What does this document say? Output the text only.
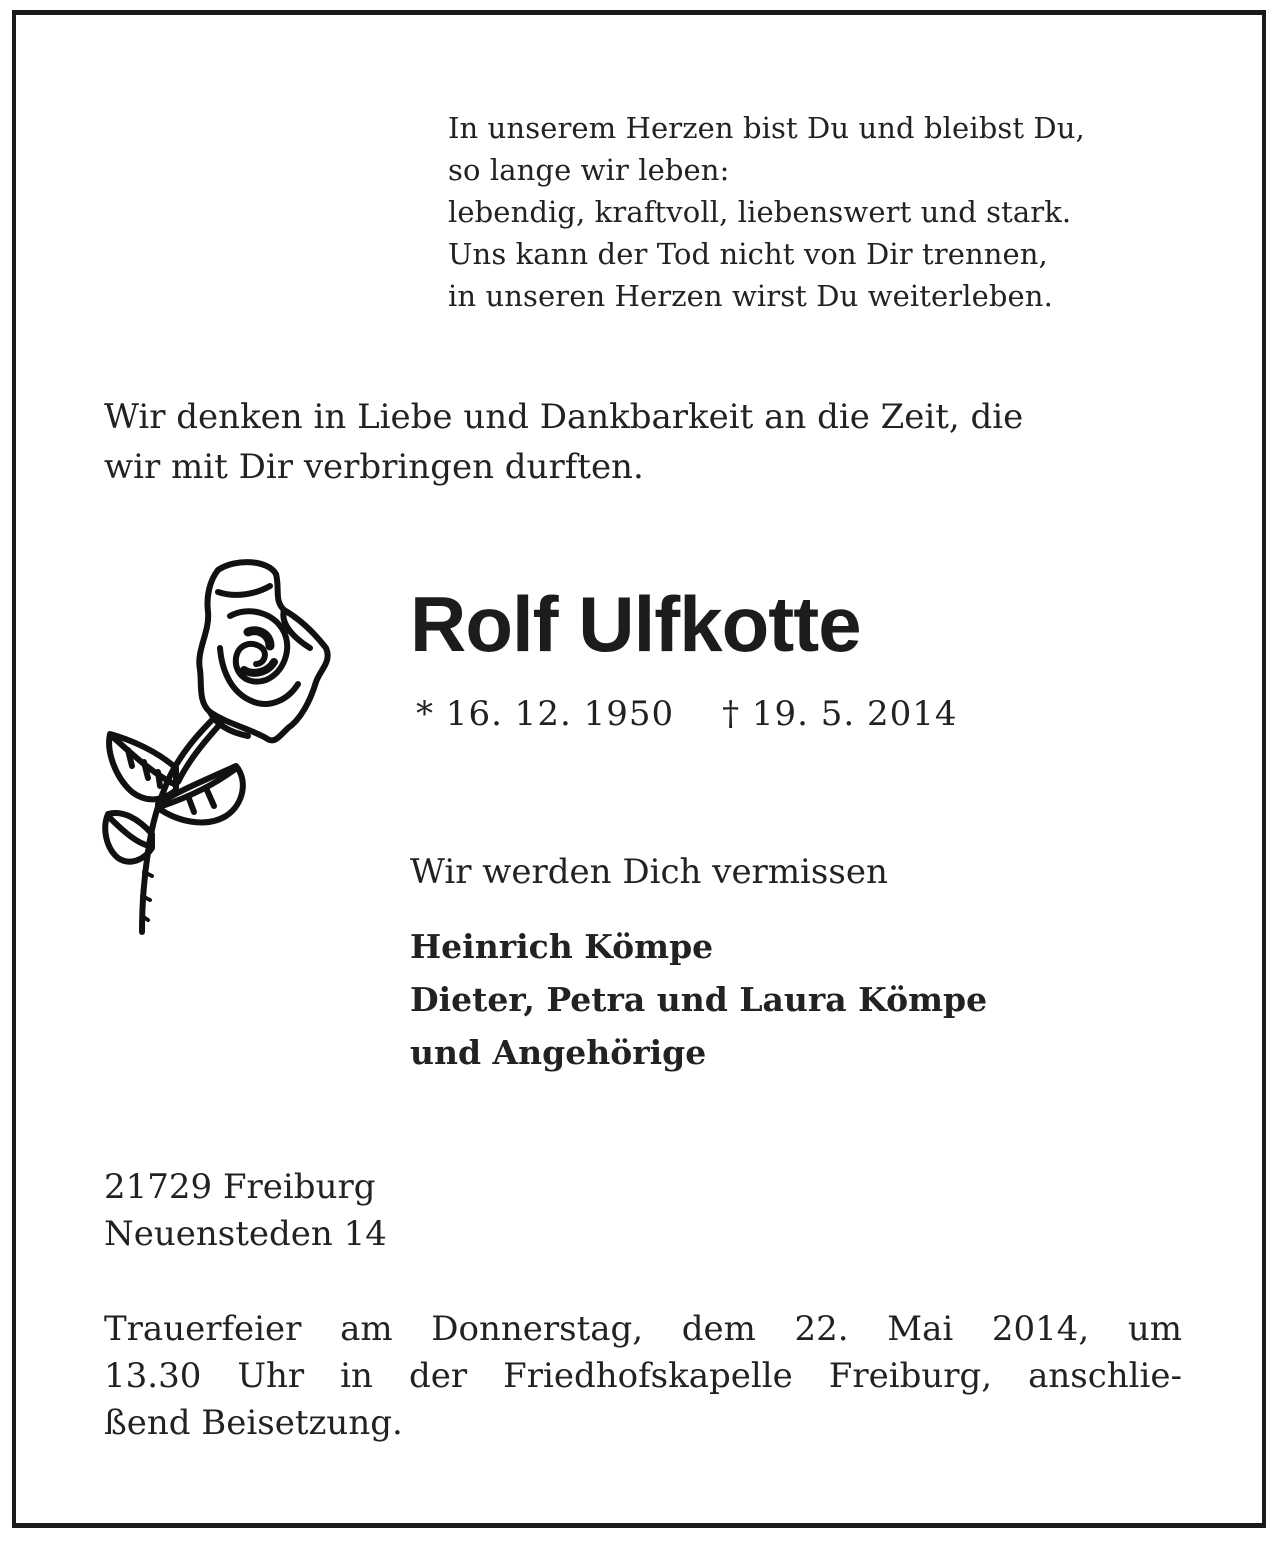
In unserem Herzen bist Du und bleibst Du,
so lange wir leben:
lebendig, kraftvoll, liebenswert und stark.
Uns kann der Tod nicht von Dir trennen,
in unseren Herzen wirst Du weiterleben.
Wir denken in Liebe und Dankbarkeit an die Zeit, die
wir mit Dir verbringen durften.
Rolf Ulfkotte
* 16. 12. 1950 † 19. 5. 2014
Wir werden Dich vermissen
Heinrich Kömpe
Dieter, Petra und Laura Kömpe
und Angehörige
21729 Freiburg
Neuensteden 14
Trauerfeier am Donnerstag, dem 22. Mai 2014, um
13.30 Uhr in der Friedhofskapelle Freiburg, anschlie-
ßend Beisetzung.
